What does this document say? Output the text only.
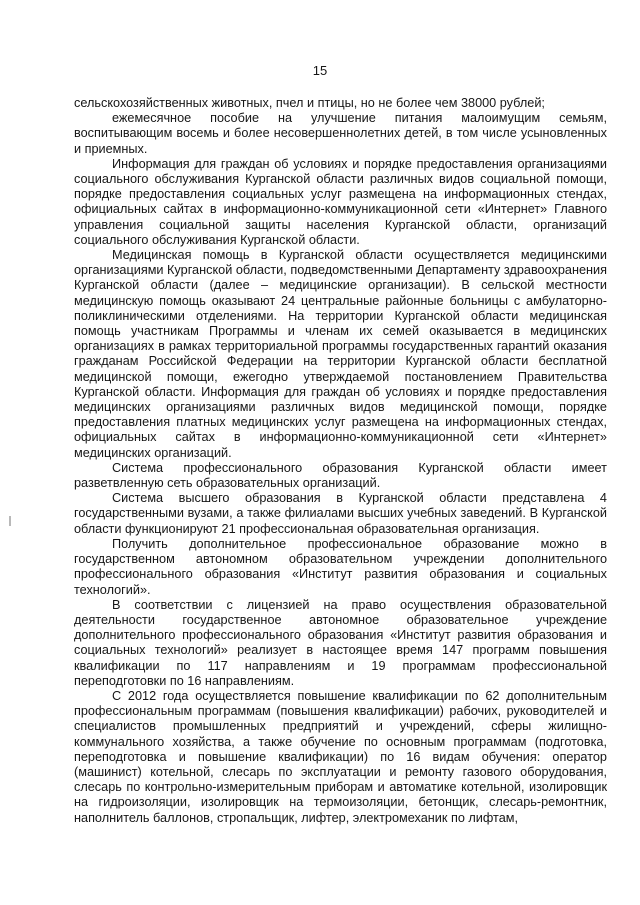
15

сельскохозяйственных животных, пчел и птицы, но не более чем 38000 рублей;

ежемесячное пособие на улучшение питания малоимущим семьям, воспитывающим восемь и более несовершеннолетних детей, в том числе усыновленных и приемных.

Информация для граждан об условиях и порядке предоставления организациями социального обслуживания Курганской области различных видов социальной помощи, порядке предоставления социальных услуг размещена на информационных стендах, официальных сайтах в информационно-коммуникационной сети «Интернет» Главного управления социальной защиты населения Курганской области, организаций социального обслуживания Курганской области.

Медицинская помощь в Курганской области осуществляется медицинскими организациями Курганской области, подведомственными Департаменту здравоохранения Курганской области (далее – медицинские организации). В сельской местности медицинскую помощь оказывают 24 центральные районные больницы с амбулаторно-поликлиническими отделениями. На территории Курганской области медицинская помощь участникам Программы и членам их семей оказывается в медицинских организациях в рамках территориальной программы государственных гарантий оказания гражданам Российской Федерации на территории Курганской области бесплатной медицинской помощи, ежегодно утверждаемой постановлением Правительства Курганской области. Информация для граждан об условиях и порядке предоставления медицинских организациями различных видов медицинской помощи, порядке предоставления платных медицинских услуг размещена на информационных стендах, официальных сайтах в информационно-коммуникационной сети «Интернет» медицинских организаций.

Система профессионального образования Курганской области имеет разветвленную сеть образовательных организаций.

Система высшего образования в Курганской области представлена 4 государственными вузами, а также филиалами высших учебных заведений. В Курганской области функционируют 21 профессиональная образовательная организация.

Получить дополнительное профессиональное образование можно в государственном автономном образовательном учреждении дополнительного профессионального образования «Институт развития образования и социальных технологий».

В соответствии с лицензией на право осуществления образовательной деятельности государственное автономное образовательное учреждение дополнительного профессионального образования «Институт развития образования и социальных технологий» реализует в настоящее время 147 программ повышения квалификации по 117 направлениям и 19 программам профессиональной переподготовки по 16 направлениям.

С 2012 года осуществляется повышение квалификации по 62 дополнительным профессиональным программам (повышения квалификации) рабочих, руководителей и специалистов промышленных предприятий и учреждений, сферы жилищно-коммунального хозяйства, а также обучение по основным программам (подготовка, переподготовка и повышение квалификации) по 16 видам обучения: оператор (машинист) котельной, слесарь по эксплуатации и ремонту газового оборудования, слесарь по контрольно-измерительным приборам и автоматике котельной, изолировщик на гидроизоляции, изолировщик на термоизоляции, бетонщик, слесарь-ремонтник, наполнитель баллонов, стропальщик, лифтер, электромеханик по лифтам,
